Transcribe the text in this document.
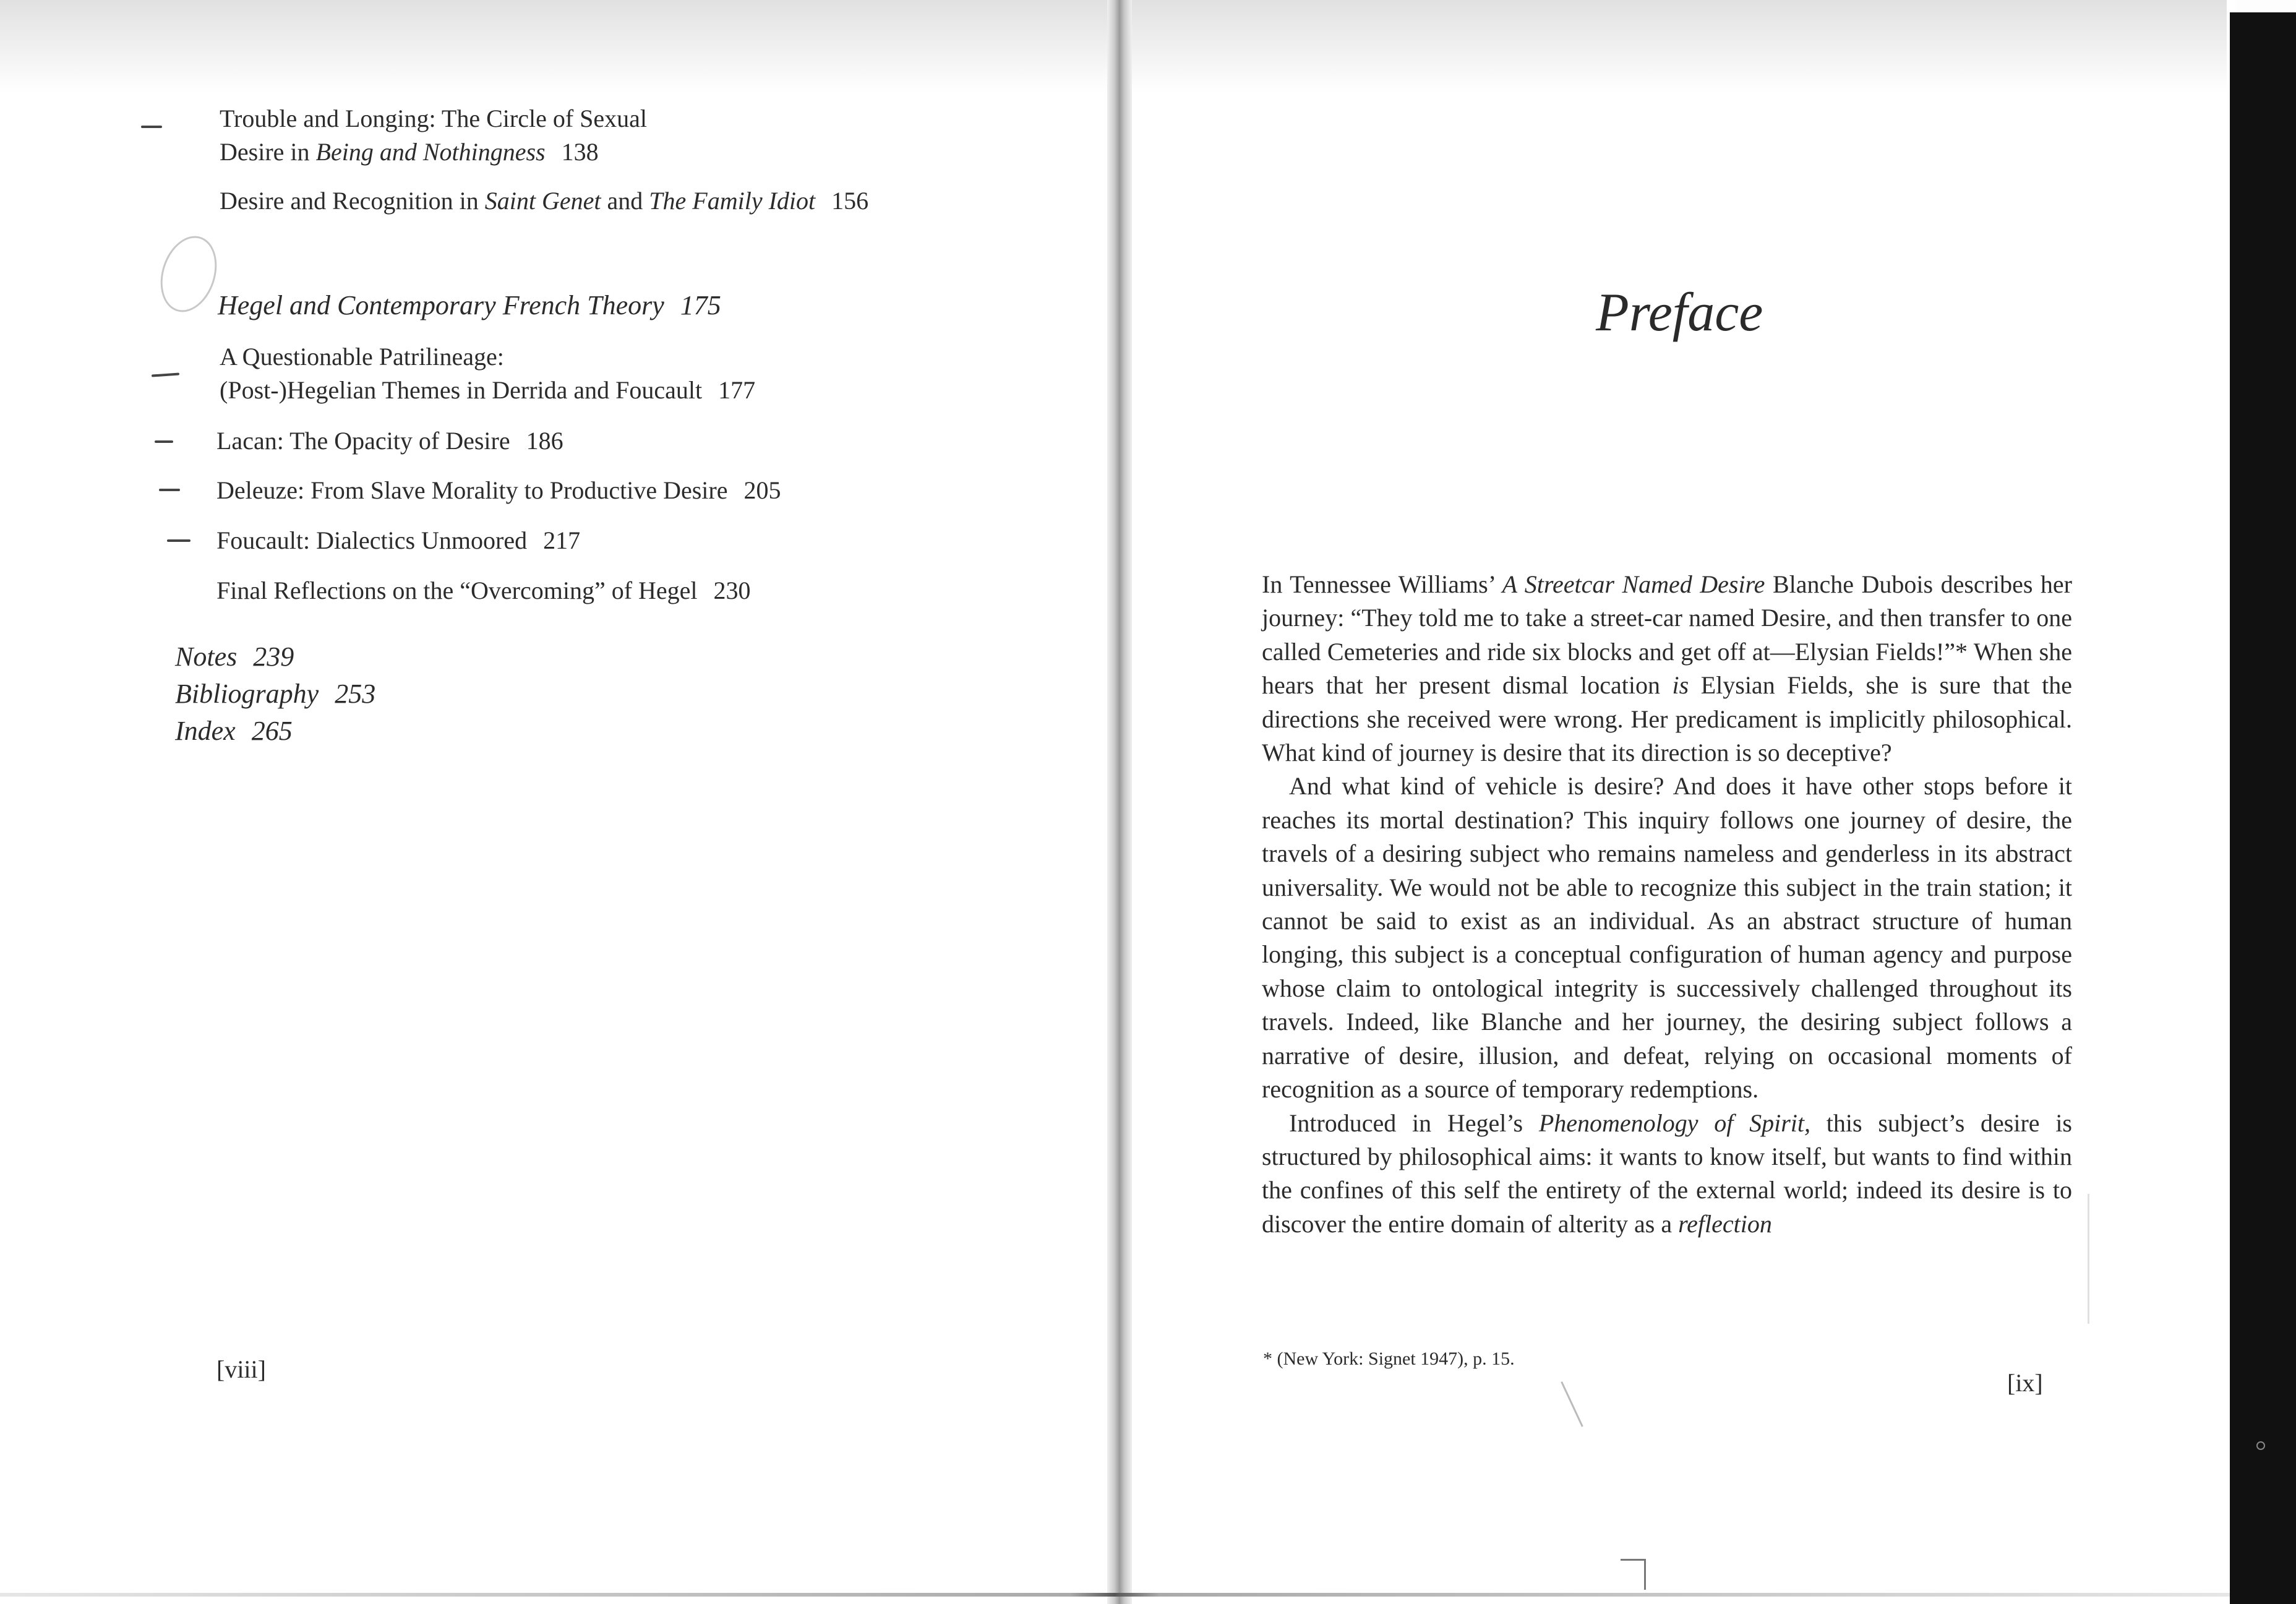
Trouble and Longing: The Circle of Sexual
Desire in Being and Nothingness 138
Desire and Recognition in Saint Genet and The Family Idiot 156
Hegel and Contemporary French Theory 175
A Questionable Patrilineage:
(Post-)Hegelian Themes in Derrida and Foucault 177
Lacan: The Opacity of Desire 186
Deleuze: From Slave Morality to Productive Desire 205
Foucault: Dialectics Unmoored 217
Final Reflections on the “Overcoming” of Hegel 230
Notes 239
Bibliography 253
Index 265
[viii]
Preface

In Tennessee Williams’ A Streetcar Named Desire Blanche Dubois describes her journey: “They told me to take a street-car named Desire, and then transfer to one called Cemeteries and ride six blocks and get off at—Elysian Fields!”* When she hears that her present dismal location is Elysian Fields, she is sure that the directions she received were wrong. Her predicament is implicitly philosophical. What kind of journey is desire that its direction is so deceptive?

And what kind of vehicle is desire? And does it have other stops before it reaches its mortal destination? This inquiry follows one journey of desire, the travels of a desiring subject who remains nameless and genderless in its abstract universality. We would not be able to recognize this subject in the train station; it cannot be said to exist as an individual. As an abstract structure of human longing, this subject is a conceptual configuration of human agency and purpose whose claim to ontological integrity is successively challenged throughout its travels. Indeed, like Blanche and her journey, the desiring subject follows a narrative of desire, illusion, and defeat, relying on occasional moments of recognition as a source of temporary redemptions.

Introduced in Hegel’s Phenomenology of Spirit, this subject’s desire is structured by philosophical aims: it wants to know itself, but wants to find within the confines of this self the entirety of the external world; indeed its desire is to discover the entire domain of alterity as a reflection

* (New York: Signet 1947), p. 15.
[ix]
